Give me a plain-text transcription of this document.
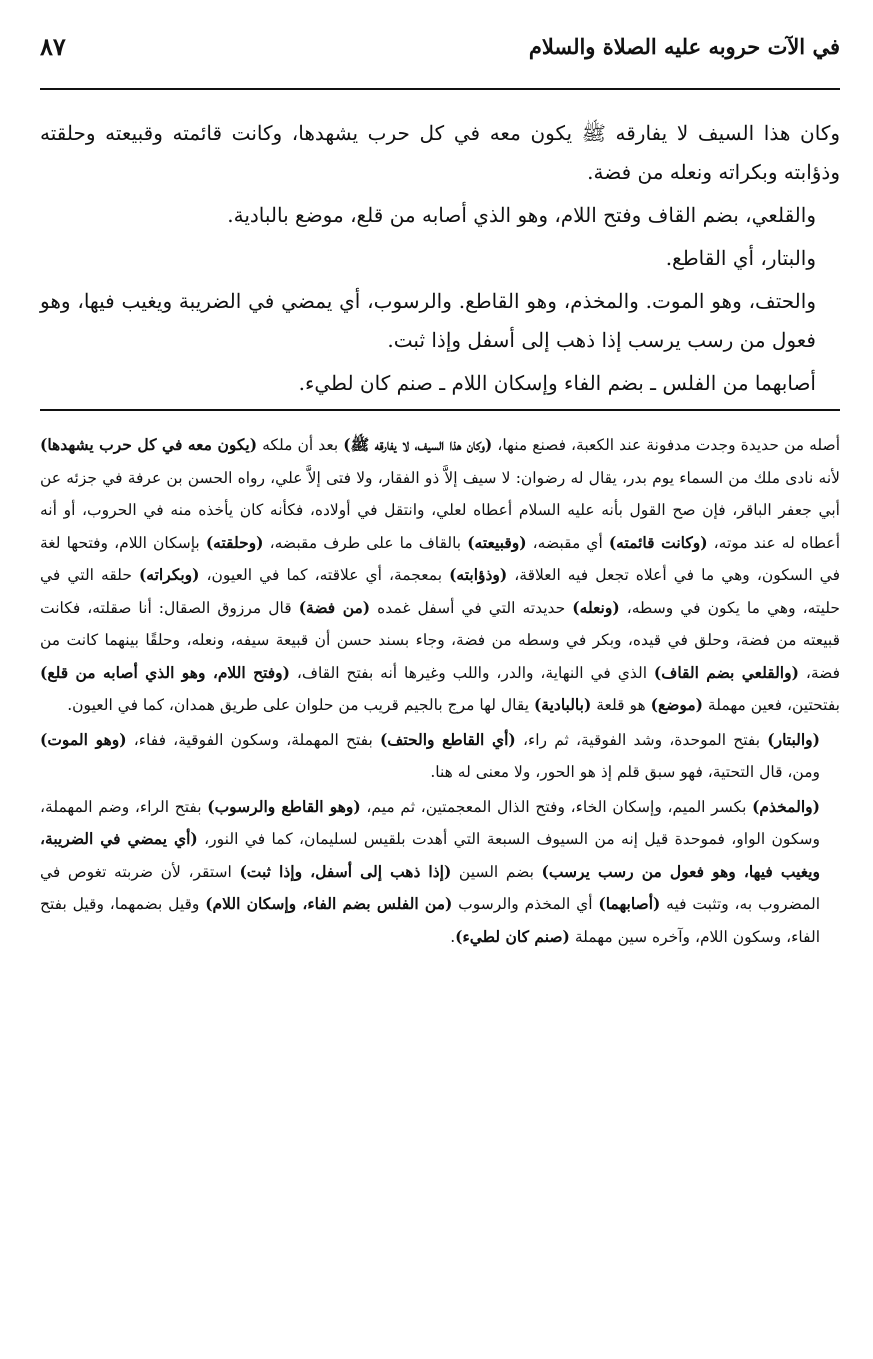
في الآت حروبه عليه الصلاة والسلام
٨٧

وكان هذا السيف لا يفارقه ﷺ يكون معه في كل حرب يشهدها، وكانت قائمته وقبيعته وحلقته وذؤابته وبكراته ونعله من فضة.

والقلعي، بضم القاف وفتح اللام، وهو الذي أصابه من قلع، موضع بالبادية.

والبتار، أي القاطع.

والحتف، وهو الموت. والمخذم، وهو القاطع. والرسوب، أي يمضي في الضريبة ويغيب فيها، وهو فعول من رسب يرسب إذا ذهب إلى أسفل وإذا ثبت.

أصابهما من الفلس ـ بضم الفاء وإسكان اللام ـ صنم كان لطيء.

أصله من حديدة وجدت مدفونة عند الكعبة، فصنع منها، (وكان هذا السيف، لا يفارقه ﷺ) بعد أن ملكه (يكون معه في كل حرب يشهدها) لأنه نادى ملك من السماء يوم بدر، يقال له رضوان: لا سيف إلاَّ ذو الفقار، ولا فتى إلاَّ علي، رواه الحسن بن عرفة في جزئه عن أبي جعفر الباقر، فإن صح القول بأنه عليه السلام أعطاه لعلي، وانتقل في أولاده، فكأنه كان يأخذه منه في الحروب، أو أنه أعطاه له عند موته، (وكانت قائمته) أي مقبضه، (وقبيعته) بالقاف ما على طرف مقبضه، (وحلقته) بإسكان اللام، وفتحها لغة في السكون، وهي ما في أعلاه تجعل فيه العلاقة، (وذؤابته) بمعجمة، أي علاقته، كما في العيون، (وبكراته) حلقه التي في حليته، وهي ما يكون في وسطه، (ونعله) حديدته التي في أسفل غمده (من فضة) قال مرزوق الصقال: أنا صقلته، فكانت قبيعته من فضة، وحلق في قيده، وبكر في وسطه من فضة، وجاء بسند حسن أن قبيعة سيفه، ونعله، وحلقًا بينهما كانت من فضة، (والقلعي بضم القاف) الذي في النهاية، والدر، واللب وغيرها أنه بفتح القاف، (وفتح اللام، وهو الذي أصابه من قلع) بفتحتين، فعين مهملة (موضع) هو قلعة (بالبادية) يقال لها مرج بالجيم قريب من حلوان على طريق همدان، كما في العيون.

(والبتار) بفتح الموحدة، وشد الفوقية، ثم راء، (أي القاطع والحتف) بفتح المهملة، وسكون الفوقية، ففاء، (وهو الموت) ومن، قال التحتية، فهو سبق قلم إذ هو الحور، ولا معنى له هنا.

(والمخذم) بكسر الميم، وإسكان الخاء، وفتح الذال المعجمتين، ثم ميم، (وهو القاطع والرسوب) بفتح الراء، وضم المهملة، وسكون الواو، فموحدة قيل إنه من السيوف السبعة التي أهدت بلقيس لسليمان، كما في النور، (أي يمضي في الضريبة، ويغيب فيها، وهو فعول من رسب يرسب) بضم السين (إذا ذهب إلى أسفل، وإذا ثبت) استقر، لأن ضربته تغوص في المضروب به، وتثبت فيه (أصابهما) أي المخذم والرسوب (من الفلس بضم الفاء، وإسكان اللام) وقيل بضمهما، وقيل بفتح الفاء، وسكون اللام، وآخره سين مهملة (صنم كان لطيء).
